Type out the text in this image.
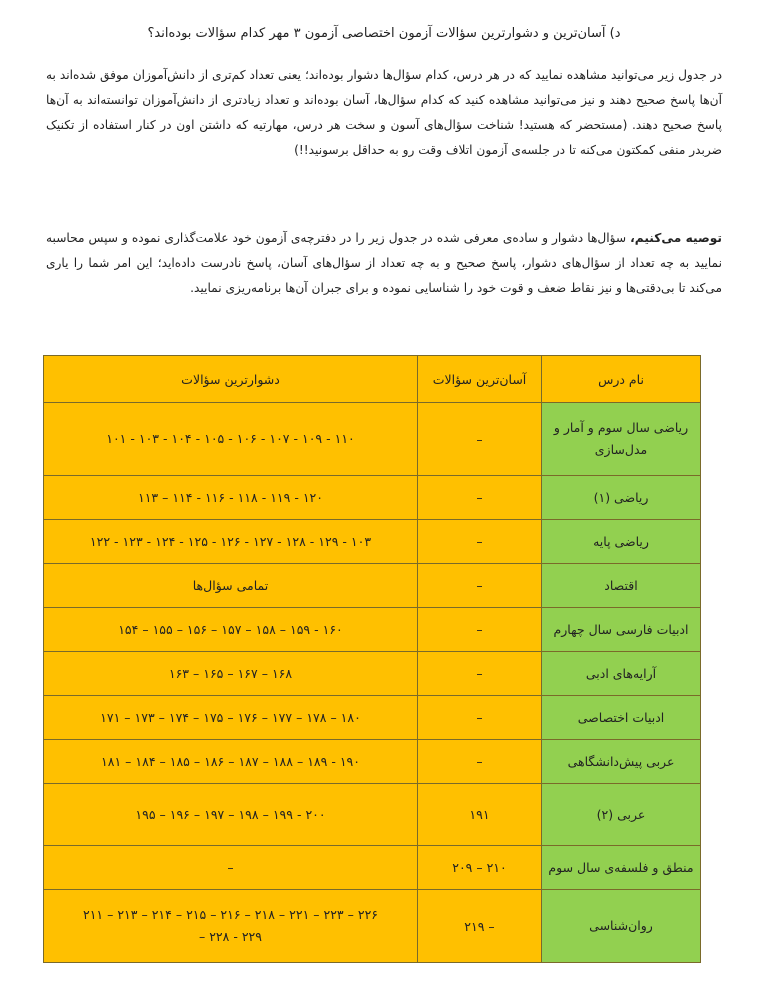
د) آسان‌ترین و دشوارترین سؤالات آزمون اختصاصی آزمون ۳ مهر کدام سؤالات بوده‌اند؟
در جدول زیر می‌توانید مشاهده نمایید که در هر درس، کدام سؤال‌ها دشوار بوده‌اند؛ یعنی تعداد کم‌تری از دانش‌آموزان موفق شده‌اند به آن‌ها پاسخ صحیح دهند و نیز می‌توانید مشاهده کنید که کدام سؤال‌ها، آسان بوده‌اند و تعداد زیادتری از دانش‌آموزان توانسته‌اند به آن‌ها پاسخ صحیح دهند. (مستحضر که هستید! شناخت سؤال‌های آسون و سخت هر درس، مهارتیه که داشتن اون در کنار استفاده از تکنیک ضربدر منفی کمکتون می‌کنه تا در جلسه‌ی آزمون اتلاف وقت رو به حداقل برسونید!!)
توصیه می‌کنیم، سؤال‌ها دشوار و ساده‌ی معرفی شده در جدول زیر را در دفترچه‌ی آزمون خود علامت‌گذاری نموده و سپس محاسبه نمایید به چه تعداد از سؤال‌های دشوار، پاسخ صحیح و به چه تعداد از سؤال‌های آسان، پاسخ نادرست داده‌اید؛ این امر شما را یاری می‌کند تا بی‌دقتی‌ها و نیز نقاط ضعف و قوت خود را شناسایی نموده و برای جبران آن‌ها برنامه‌ریزی نمایید.
نام درس	آسان‌ترین سؤالات	دشوارترین سؤالات

ریاضی سال سوم و آمار و
مدل‌سازی	–	۱۱۰ - ۱۰۹ - ۱۰۷ - ۱۰۶ - ۱۰۵ - ۱۰۴ - ۱۰۳ - ۱۰۱

ریاضی (۱)	–	۱۲۰ - ۱۱۹ - ۱۱۸ - ۱۱۶ - ۱۱۴ – ۱۱۳

ریاضی پایه	–	۱۰۳ - ۱۲۹ - ۱۲۸ - ۱۲۷ - ۱۲۶ - ۱۲۵ - ۱۲۴ - ۱۲۳ - ۱۲۲

اقتصاد	–	تمامی سؤال‌ها

ادبیات فارسی سال چهارم	–	۱۶۰ - ۱۵۹ – ۱۵۸ – ۱۵۷ – ۱۵۶ – ۱۵۵ – ۱۵۴

آرایه‌های ادبی	–	۱۶۸ – ۱۶۷ – ۱۶۵ – ۱۶۳

ادبیات اختصاصی	–	۱۸۰ – ۱۷۸ – ۱۷۷ – ۱۷۶ – ۱۷۵ – ۱۷۴ – ۱۷۳ – ۱۷۱

عربی پیش‌دانشگاهی	–	۱۹۰ - ۱۸۹ – ۱۸۸ – ۱۸۷ – ۱۸۶ – ۱۸۵ – ۱۸۴ – ۱۸۱

عربی (۲)	۱۹۱	۲۰۰ - ۱۹۹ – ۱۹۸ – ۱۹۷ – ۱۹۶ – ۱۹۵

منطق و فلسفه‌ی سال سوم	۲۱۰ – ۲۰۹	–

روان‌شناسی	– ۲۱۹	۲۲۶ – ۲۲۳ – ۲۲۱ – ۲۱۸ – ۲۱۶ – ۲۱۵ – ۲۱۴ – ۲۱۳ – ۲۱۱
۲۲۹ - ۲۲۸ –
